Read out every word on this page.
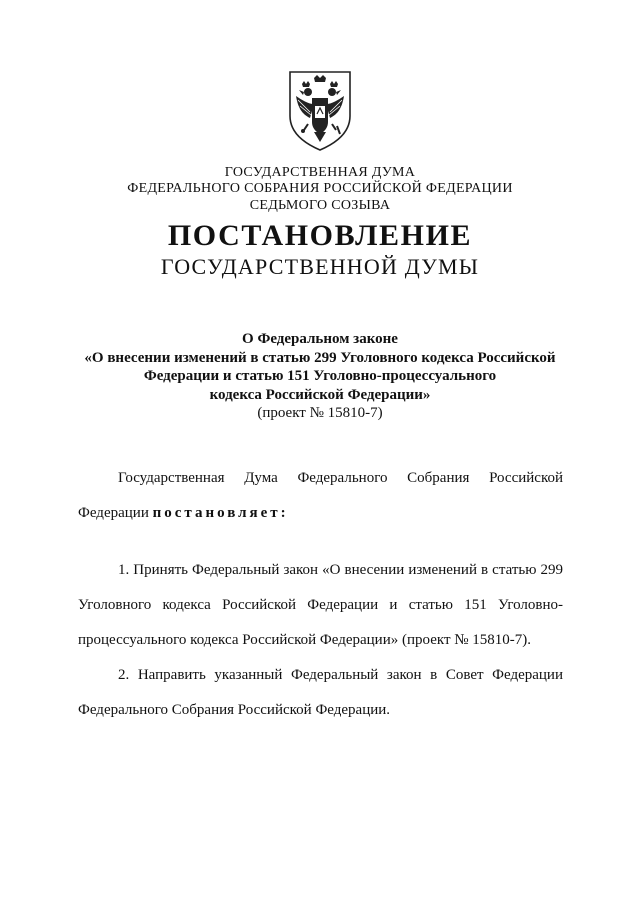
ГОСУДАРСТВЕННАЯ ДУМА
ФЕДЕРАЛЬНОГО СОБРАНИЯ РОССИЙСКОЙ ФЕДЕРАЦИИ
СЕДЬМОГО СОЗЫВА
ПОСТАНОВЛЕНИЕ
ГОСУДАРСТВЕННОЙ ДУМЫ
О Федеральном законе
«О внесении изменений в статью 299 Уголовного кодекса Российской
Федерации и статью 151 Уголовно-процессуального
кодекса Российской Федерации»
(проект № 15810-7)
Государственная Дума Федерального Собрания Российской
Федерации постановляет:
1. Принять Федеральный закон «О внесении изменений в статью 299
Уголовного кодекса Российской Федерации и статью 151 Уголовно-
процессуального кодекса Российской Федерации» (проект № 15810-7).
2. Направить указанный Федеральный закон в Совет Федерации
Федерального Собрания Российской Федерации.
